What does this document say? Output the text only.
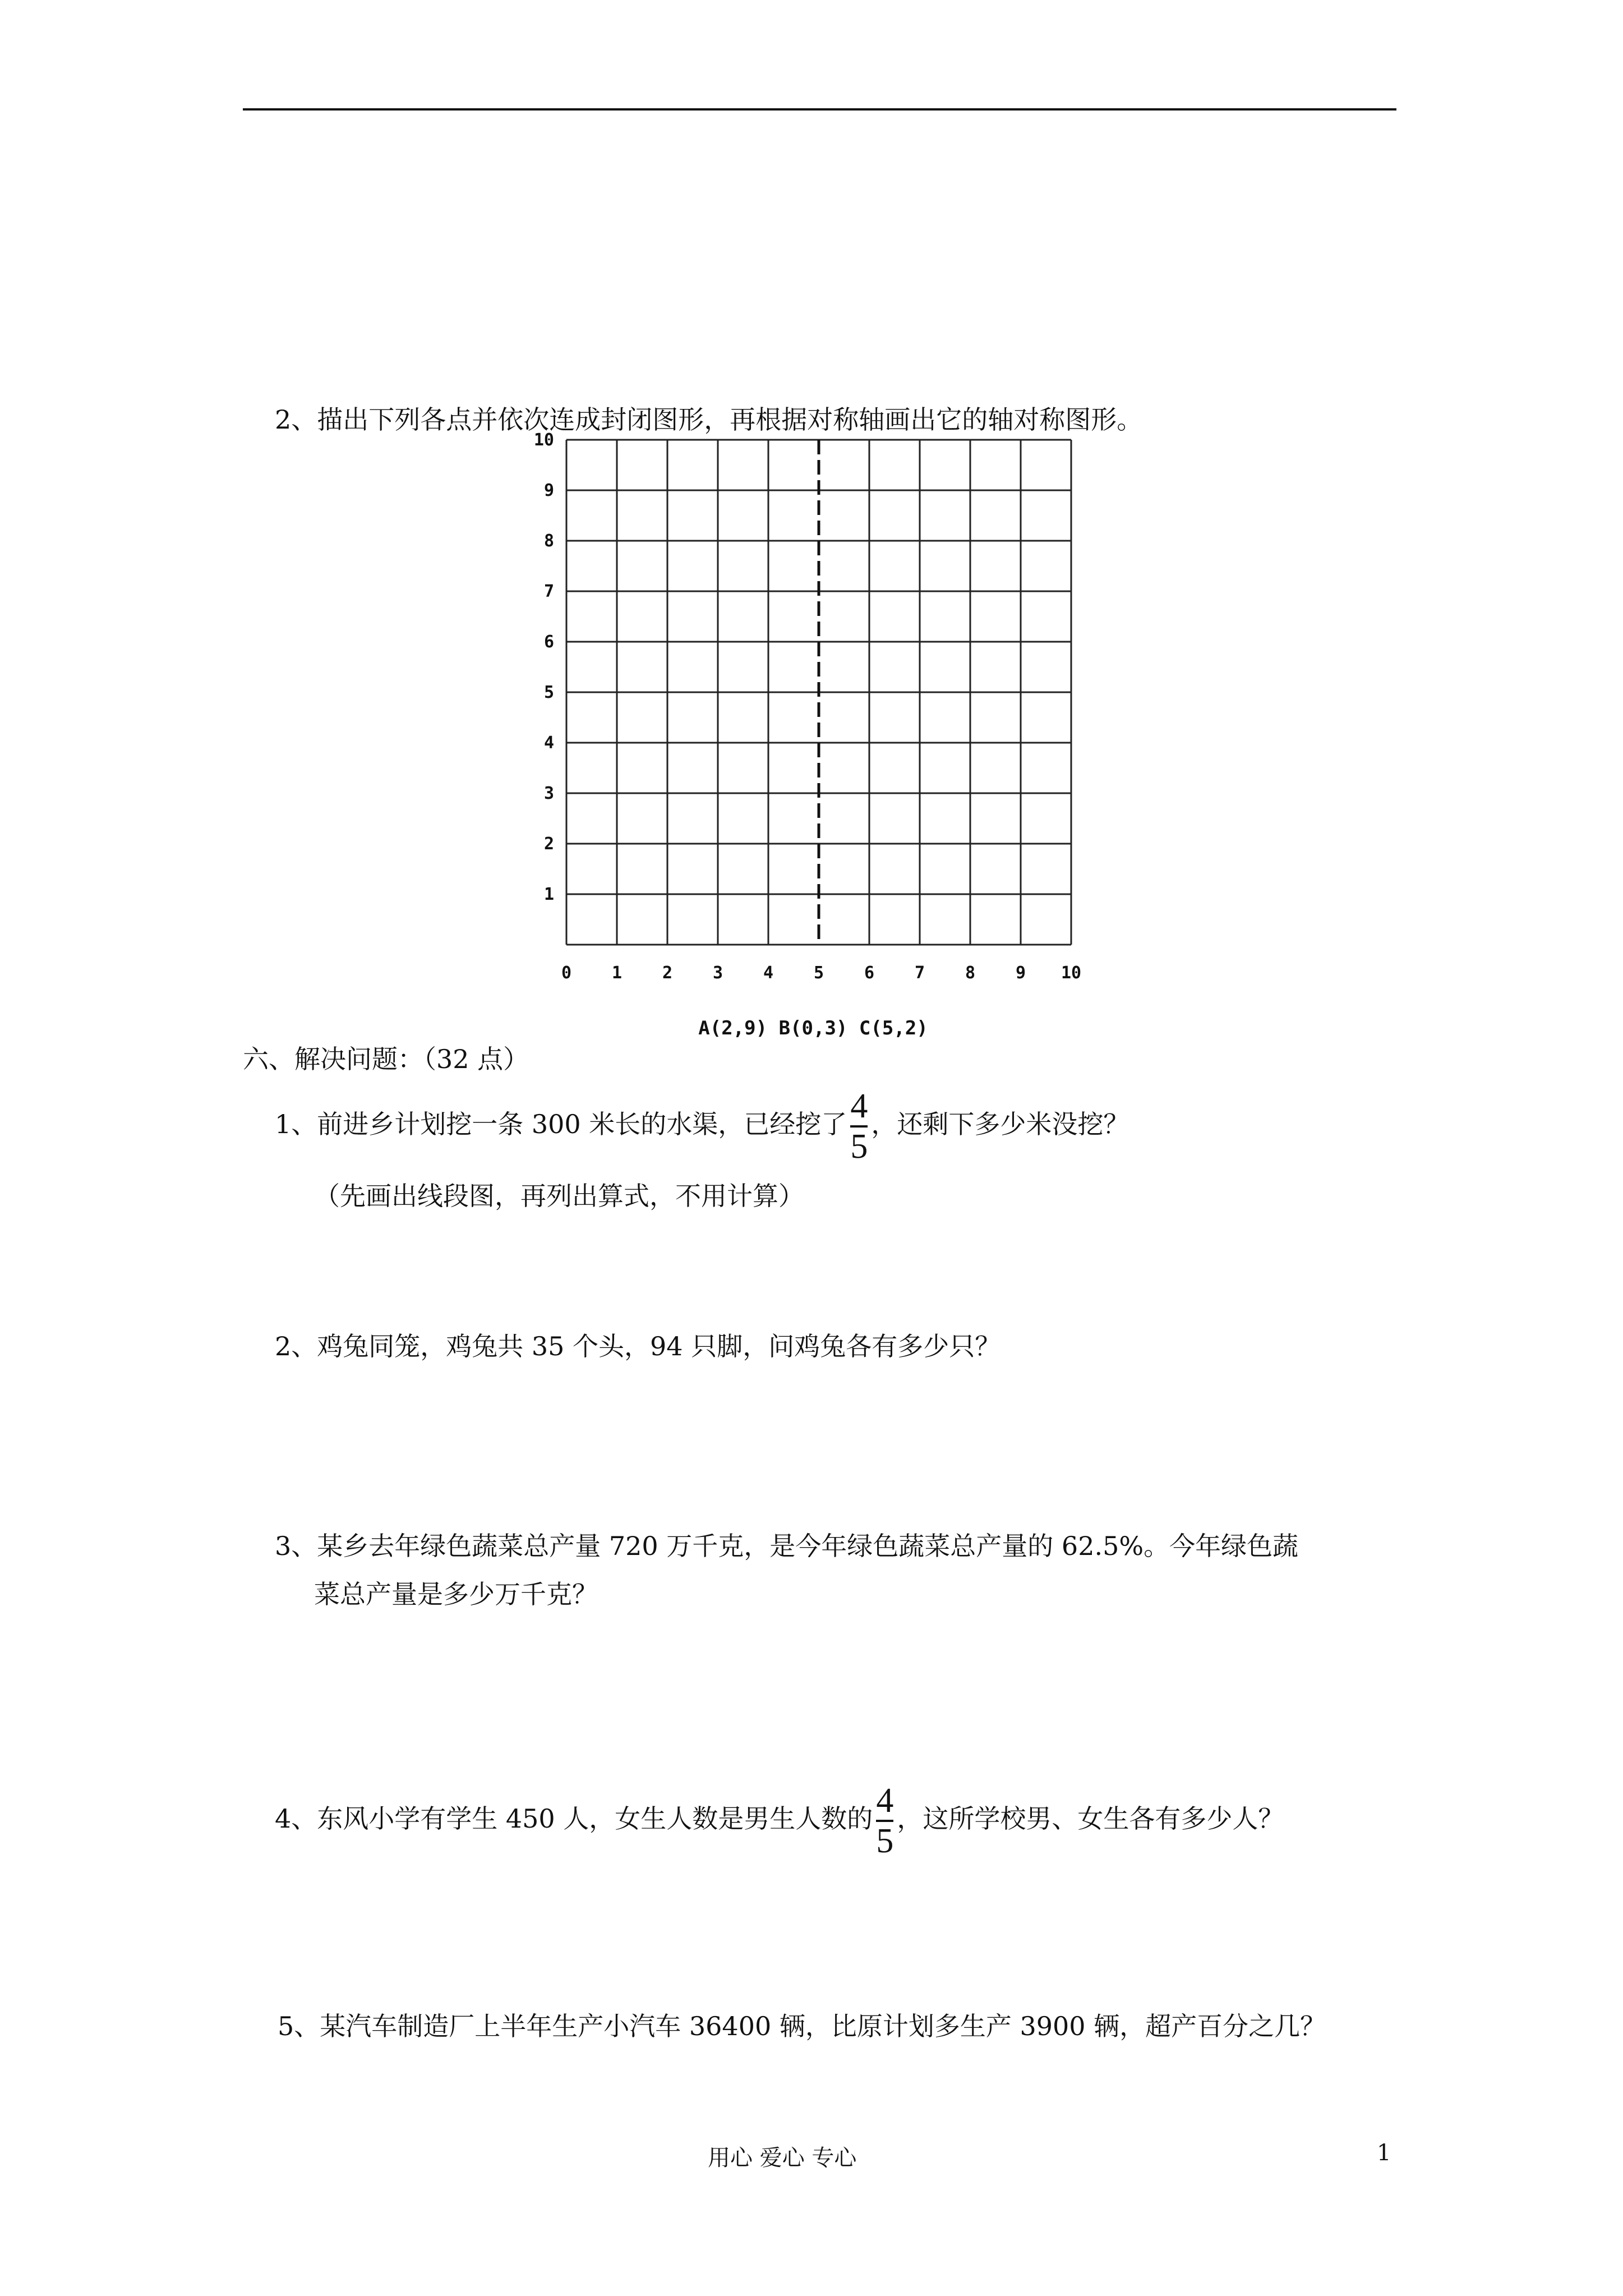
2、描出下列各点并依次连成封闭图形，再根据对称轴画出它的轴对称图形。
0 1 2 3 4 5 6 7 8 9 10
1
2
3
4
5
6
7
8
9
10
A(2,9) B(0,3) C(5,2)
六、解决问题：（32 点）
1、前进乡计划挖一条 300 米长的水渠，已经挖了 $\frac{4}{5}$ ，还剩下多少米没挖？
（先画出线段图，再列出算式，不用计算）
2、鸡兔同笼，鸡兔共 35 个头，94 只脚，问鸡兔各有多少只？
3、某乡去年绿色蔬菜总产量 720 万千克，是今年绿色蔬菜总产量的 62.5%。今年绿色蔬
菜总产量是多少万千克？
4、东风小学有学生 450 人，女生人数是男生人数的 $\frac{4}{5}$ ，这所学校男、女生各有多少人？
5、某汽车制造厂上半年生产小汽车 36400 辆，比原计划多生产 3900 辆，超产百分之几？
用心 爱心 专心	1
